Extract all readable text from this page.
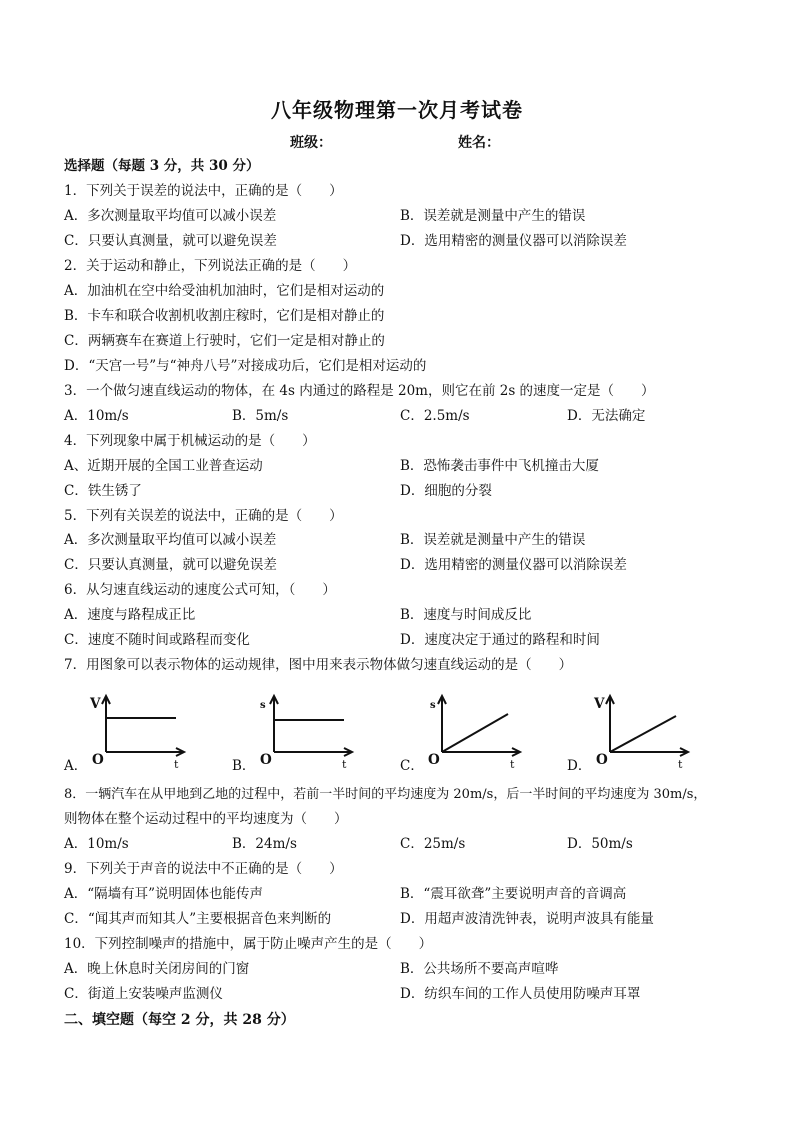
八年级物理第一次月考试卷
班级：	姓名：
选择题（每题 3 分，共 30 分）
1．下列关于误差的说法中，正确的是（　　）
A．多次测量取平均值可以减小误差	B．误差就是测量中产生的错误
C．只要认真测量，就可以避免误差	D．选用精密的测量仪器可以消除误差
2．关于运动和静止，下列说法正确的是（　　）
A．加油机在空中给受油机加油时，它们是相对运动的
B．卡车和联合收割机收割庄稼时，它们是相对静止的
C．两辆赛车在赛道上行驶时，它们一定是相对静止的
D．“天宫一号”与“神舟八号”对接成功后，它们是相对运动的
3．一个做匀速直线运动的物体，在 4s 内通过的路程是 20m，则它在前 2s 的速度一定是（　　）
A．10m/s	B．5m/s	C．2.5m/s	D．无法确定
4．下列现象中属于机械运动的是（　　）
A、近期开展的全国工业普查运动	B．恐怖袭击事件中飞机撞击大厦
C．铁生锈了	D．细胞的分裂
5．下列有关误差的说法中，正确的是（　　）
A．多次测量取平均值可以减小误差	B．误差就是测量中产生的错误
C．只要认真测量，就可以避免误差	D．选用精密的测量仪器可以消除误差
6．从匀速直线运动的速度公式可知，（　　）
A．速度与路程成正比	B．速度与时间成反比
C．速度不随时间或路程而变化	D．速度决定于通过的路程和时间
7．用图象可以表示物体的运动规律，图中用来表示物体做匀速直线运动的是（　　）
V
O	t
s
O	t
s
O	t
V
O	t
A．	B．	C．	D．
8．一辆汽车在从甲地到乙地的过程中，若前一半时间的平均速度为 20m/s，后一半时间的平均速度为 30m/s，
则物体在整个运动过程中的平均速度为（　　）
A．10m/s	B．24m/s	C．25m/s	D．50m/s
9．下列关于声音的说法中不正确的是（　　）
A．“隔墙有耳”说明固体也能传声	B．“震耳欲聋”主要说明声音的音调高
C．“闻其声而知其人”主要根据音色来判断的	D．用超声波清洗钟表，说明声波具有能量
10．下列控制噪声的措施中，属于防止噪声产生的是（　　）
A．晚上休息时关闭房间的门窗	B．公共场所不要高声喧哗
C．街道上安装噪声监测仪	D．纺织车间的工作人员使用防噪声耳罩
二、填空题（每空 2 分，共 28 分）
